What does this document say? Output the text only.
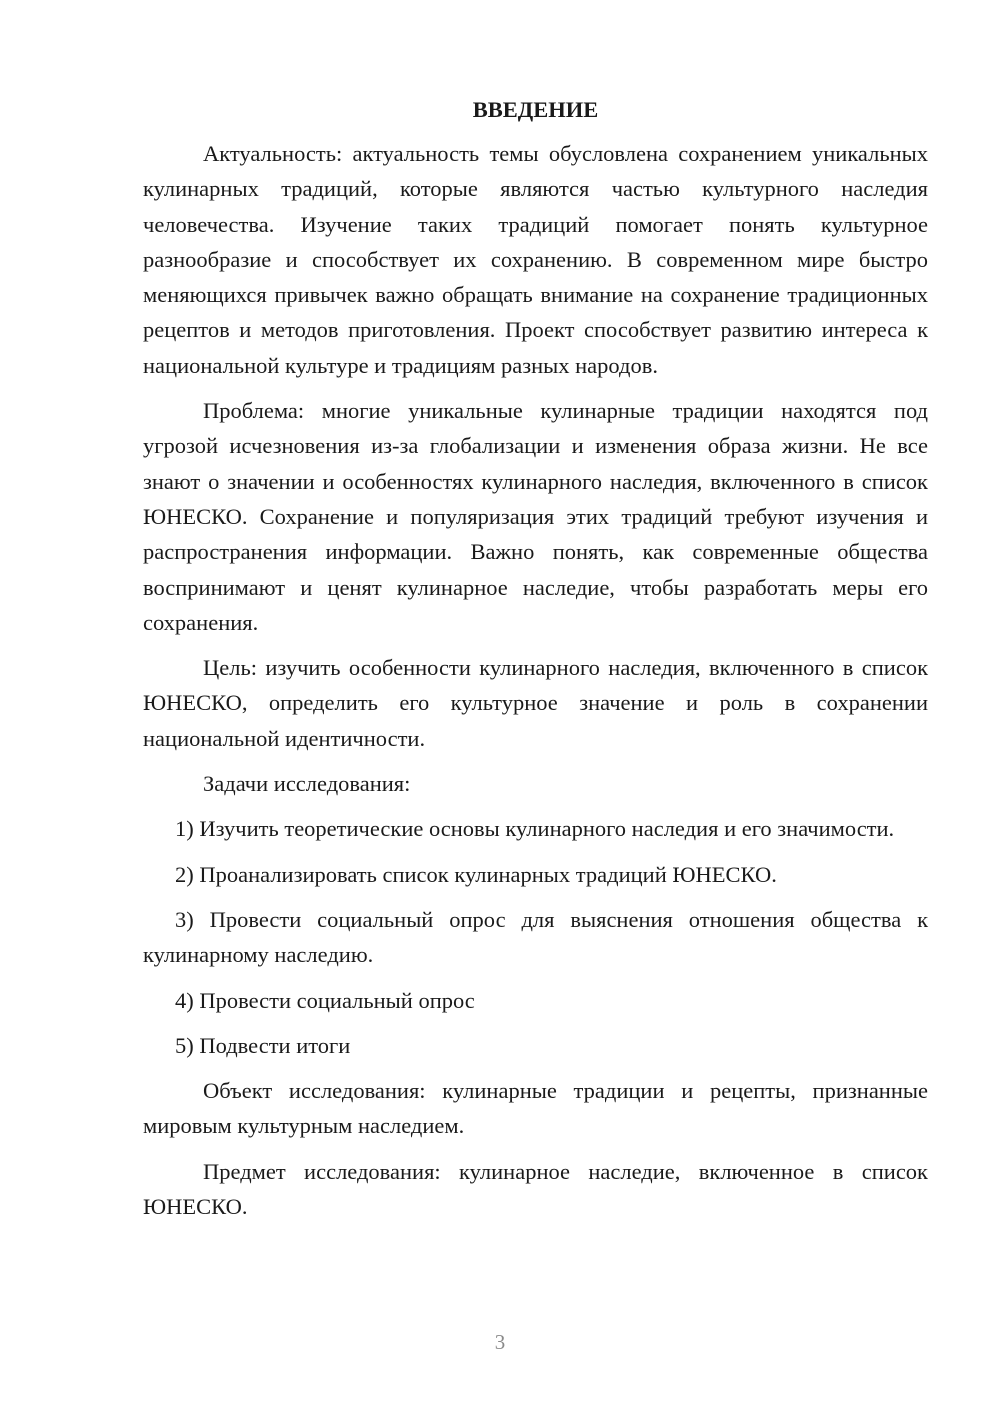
ВВЕДЕНИЕ

Актуальность: актуальность темы обусловлена сохранением уникальных кулинарных традиций, которые являются частью культурного наследия человечества. Изучение таких традиций помогает понять культурное разнообразие и способствует их сохранению. В современном мире быстро меняющихся привычек важно обращать внимание на сохранение традиционных рецептов и методов приготовления. Проект способствует развитию интереса к национальной культуре и традициям разных народов.

Проблема: многие уникальные кулинарные традиции находятся под угрозой исчезновения из-за глобализации и изменения образа жизни. Не все знают о значении и особенностях кулинарного наследия, включенного в список ЮНЕСКО. Сохранение и популяризация этих традиций требуют изучения и распространения информации. Важно понять, как современные общества воспринимают и ценят кулинарное наследие, чтобы разработать меры его сохранения.

Цель: изучить особенности кулинарного наследия, включенного в список ЮНЕСКО, определить его культурное значение и роль в сохранении национальной идентичности.

Задачи исследования:

1) Изучить теоретические основы кулинарного наследия и его значимости.

2) Проанализировать список кулинарных традиций ЮНЕСКО.

3) Провести социальный опрос для выяснения отношения общества к кулинарному наследию.

4) Провести социальный опрос

5) Подвести итоги

Объект исследования: кулинарные традиции и рецепты, признанные мировым культурным наследием.

Предмет исследования: кулинарное наследие, включенное в список ЮНЕСКО.

3
